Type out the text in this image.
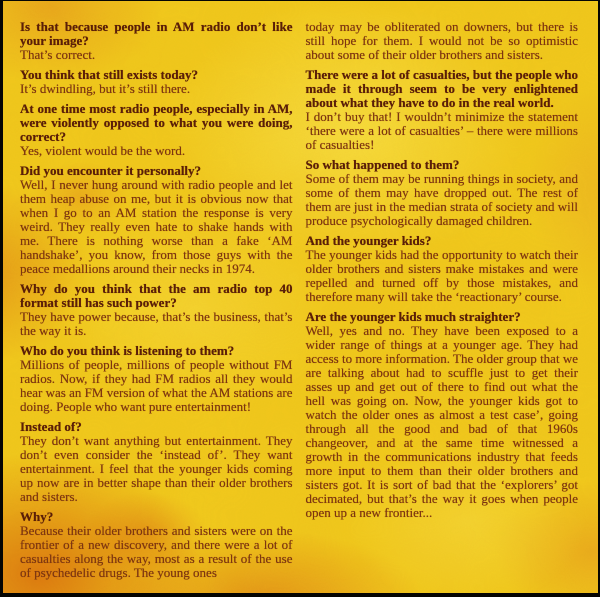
Is that because people in AM radio don’t like your image?

That’s correct.

You think that still exists today?

It’s dwindling, but it’s still there.

At one time most radio people, especially in AM, were violently opposed to what you were doing, correct?

Yes, violent would be the word.

Did you encounter it personally?

Well, I never hung around with radio people and let them heap abuse on me, but it is obvious now that when I go to an AM station the response is very weird. They really even hate to shake hands with me. There is nothing worse than a fake ‘AM handshake’, you know, from those guys with the peace medallions around their necks in 1974.

Why do you think that the am radio top 40 format still has such power?

They have power because, that’s the business, that’s the way it is.

Who do you think is listening to them?

Millions of people, millions of people without FM radios. Now, if they had FM radios all they would hear was an FM version of what the AM stations are doing. People who want pure entertainment!

Instead of?

They don’t want anything but entertainment. They don’t even consider the ‘instead of’. They want entertainment. I feel that the younger kids coming up now are in better shape than their older brothers and sisters.

Why?

Because their older brothers and sisters were on the frontier of a new discovery, and there were a lot of casualties along the way, most as a result of the use of psychedelic drugs. The young ones

today may be obliterated on downers, but there is still hope for them. I would not be so optimistic about some of their older brothers and sisters.

There were a lot of casualties, but the people who made it through seem to be very enlightened about what they have to do in the real world.

I don’t buy that! I wouldn’t minimize the statement ‘there were a lot of casualties’ – there were millions of casualties!

So what happened to them?

Some of them may be running things in society, and some of them may have dropped out. The rest of them are just in the median strata of society and will produce psychologically damaged children.

And the younger kids?

The younger kids had the opportunity to watch their older brothers and sisters make mistakes and were repelled and turned off by those mistakes, and therefore many will take the ‘reactionary’ course.

Are the younger kids much straighter?

Well, yes and no. They have been exposed to a wider range of things at a younger age. They had access to more information. The older group that we are talking about had to scuffle just to get their asses up and get out of there to find out what the hell was going on. Now, the younger kids got to watch the older ones as almost a test case’, going through all the good and bad of that 1960s changeover, and at the same time witnessed a growth in the communications industry that feeds more input to them than their older brothers and sisters got. It is sort of bad that the ‘explorers’ got decimated, but that’s the way it goes when people open up a new frontier...
